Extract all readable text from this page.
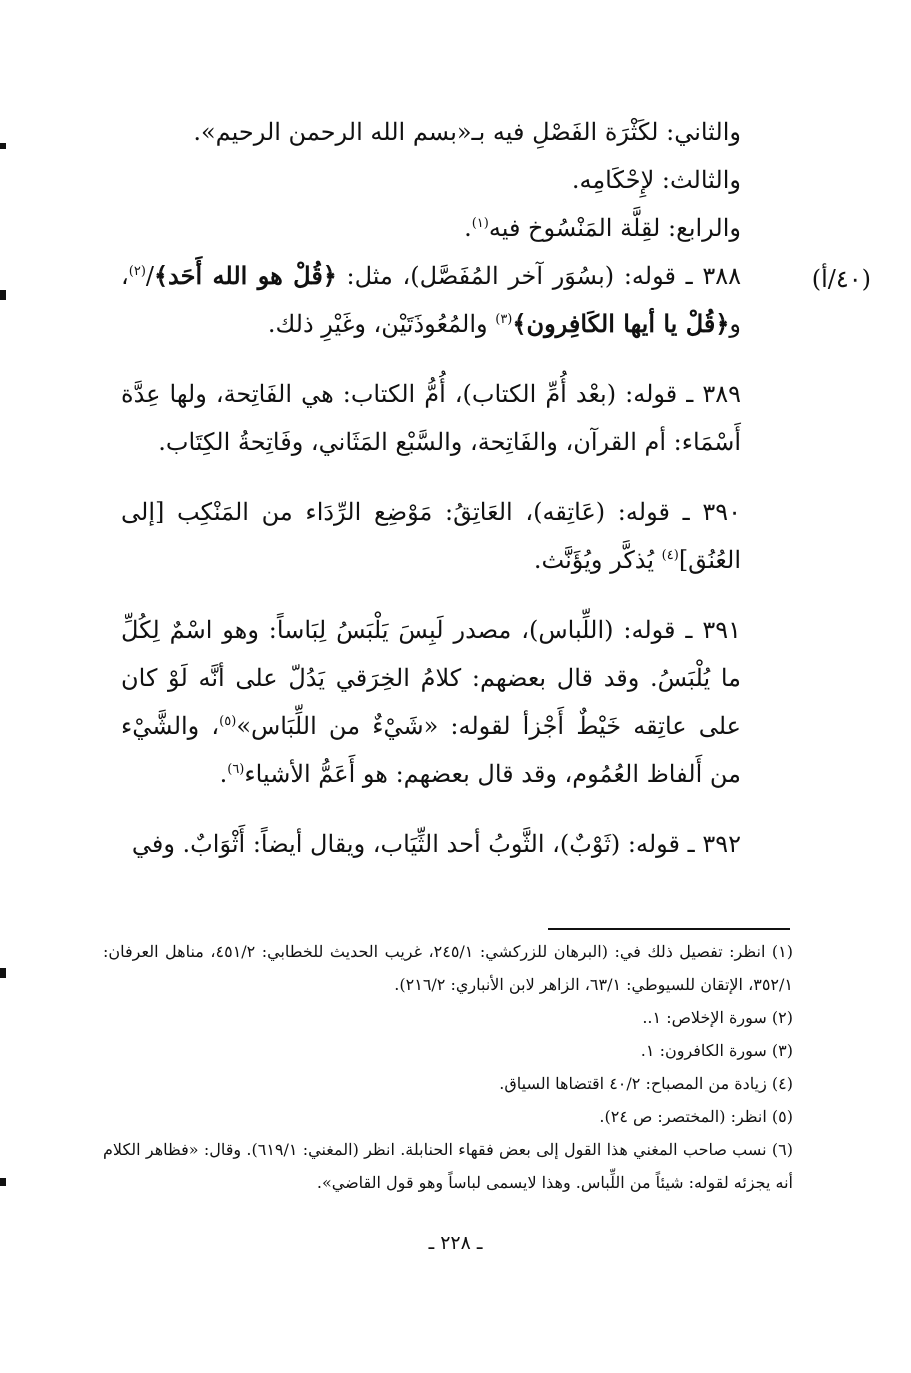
(٤٠/أ)

والثاني: لكَثْرَة الفَصْلِ فيه بـ«بسم الله الرحمن الرحيم».

والثالث: لإِحْكَامِه.

والرابع: لقِلَّة المَنْسُوخ فيه$^{(١)}$.

٣٨٨ ـ قوله: (بسُوَر آخر المُفَصَّل)، مثل: ﴿قُلْ هو الله أَحَد﴾/$^{(٢)}$، و﴿قُلْ يا أيها الكَافِرون﴾$^{(٣)}$ والمُعُوذَتَيْن، وغَيْرِ ذلك.

٣٨٩ ـ قوله: (بعْد أُمِّ الكتاب)، أُمُّ الكتاب: هي الفَاتِحة، ولها عِدَّة أَسْمَاء: أم القرآن، والفَاتِحة، والسَّبْع المَثَاني، وفَاتِحةُ الكِتَاب.

٣٩٠ ـ قوله: (عَاتِقه)، العَاتِقُ: مَوْضِع الرِّدَاء من المَنْكِب [إلى العُنُق]$^{(٤)}$ يُذكَّر ويُؤَنَّث.

٣٩١ ـ قوله: (اللِّباس)، مصدر لَبِسَ يَلْبَسُ لِبَاساً: وهو اسْمٌ لِكُلِّ ما يُلْبَسُ. وقد قال بعضهم: كلامُ الخِرَقي يَدُلّ على أنَّه لَوْ كان على عاتِقه خَيْطٌ أَجْزأ لقوله: «شَيْءٌ من اللِّبَاس»$^{(٥)}$، والشَّيْء من أَلفاظ العُمُوم، وقد قال بعضهم: هو أَعَمُّ الأشياء$^{(٦)}$.

٣٩٢ ـ قوله: (ثَوْبٌ)، الثَّوبُ أحد الثِّيَاب، ويقال أيضاً: أَثْوَابٌ. وفي

(١) انظر: تفصيل ذلك في: (البرهان للزركشي: ٢٤٥/١، غريب الحديث للخطابي: ٤٥١/٢، مناهل العرفان: ٣٥٢/١، الإتقان للسيوطي: ٦٣/١، الزاهر لابن الأنباري: ٢١٦/٢).

(٢) سورة الإخلاص: ١..

(٣) سورة الكافرون: ١.

(٤) زيادة من المصباح: ٤٠/٢ اقتضاها السياق.

(٥) انظر: (المختصر: ص ٢٤).

(٦) نسب صاحب المغني هذا القول إلى بعض فقهاء الحنابلة. انظر (المغني: ٦١٩/١). وقال: «فظاهر الكلام أنه يجزئه لقوله: شيئاً من اللِّباس. وهذا لايسمى لباساً وهو قول القاضي».

ـ ٢٢٨ ـ
